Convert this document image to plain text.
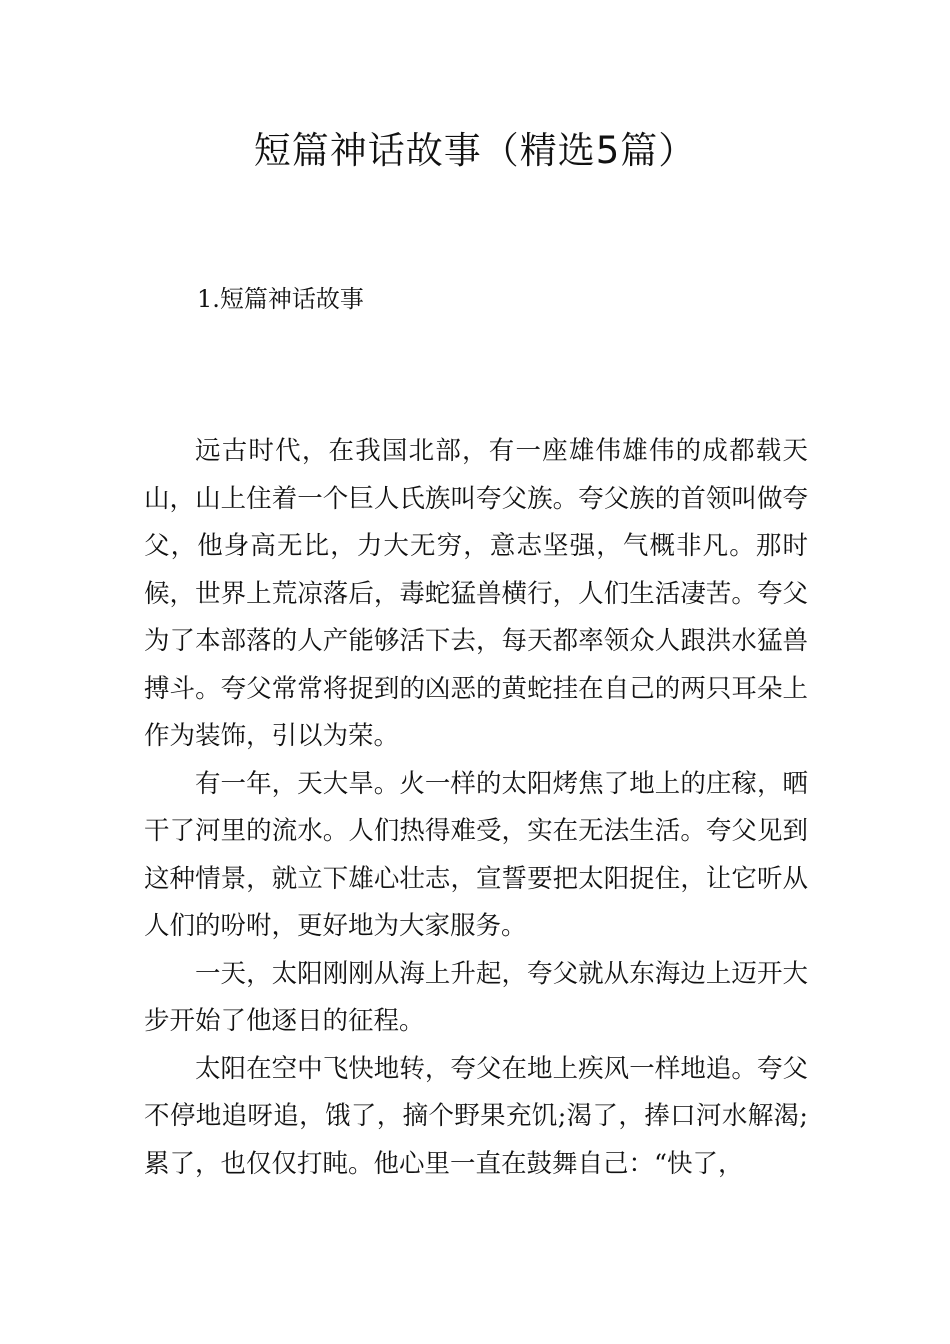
短篇神话故事（精选5篇）
1.短篇神话故事

远古时代，在我国北部，有一座雄伟雄伟的成都载天山，山上住着一个巨人氏族叫夸父族。夸父族的首领叫做夸父，他身高无比，力大无穷，意志坚强，气概非凡。那时候，世界上荒凉落后，毒蛇猛兽横行，人们生活凄苦。夸父为了本部落的人产能够活下去，每天都率领众人跟洪水猛兽搏斗。夸父常常将捉到的凶恶的黄蛇挂在自己的两只耳朵上作为装饰，引以为荣。

有一年，天大旱。火一样的太阳烤焦了地上的庄稼，晒干了河里的流水。人们热得难受，实在无法生活。夸父见到这种情景，就立下雄心壮志，宣誓要把太阳捉住，让它听从人们的吩咐，更好地为大家服务。

一天，太阳刚刚从海上升起，夸父就从东海边上迈开大步开始了他逐日的征程。

太阳在空中飞快地转，夸父在地上疾风一样地追。夸父不停地追呀追，饿了，摘个野果充饥;渴了，捧口河水解渴;累了，也仅仅打盹。他心里一直在鼓舞自己：“快了，
